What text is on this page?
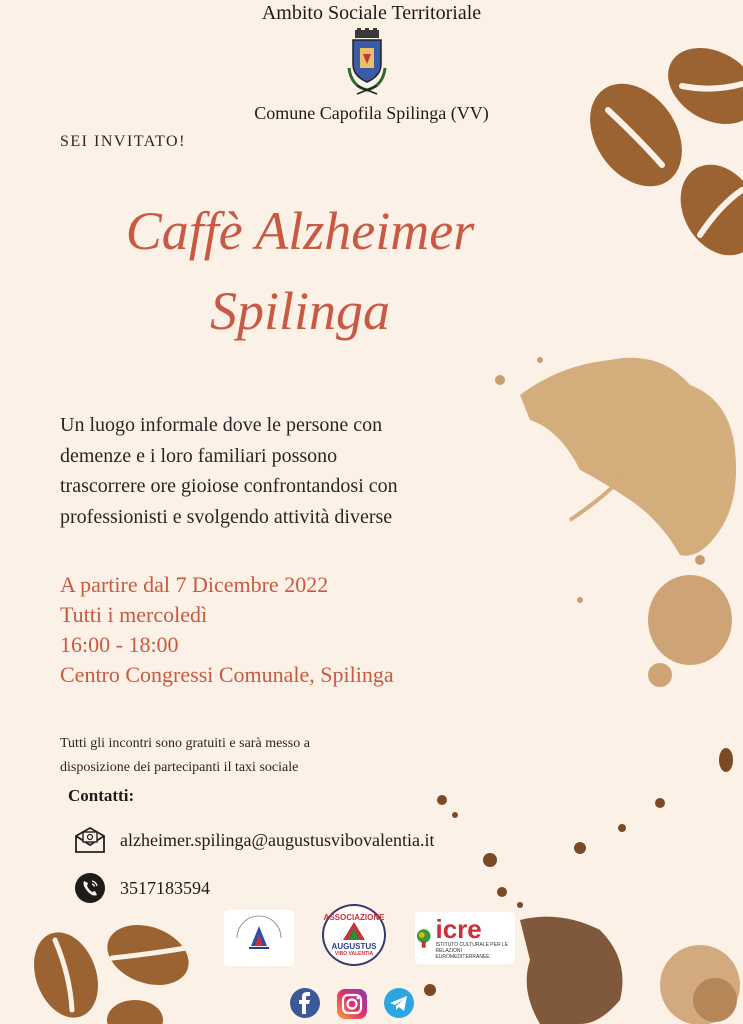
Ambito Sociale Territoriale
Comune Capofila Spilinga (VV)
SEI INVITATO!
Caffè Alzheimer
Spilinga
Un luogo informale dove le persone con
demenze e i loro familiari possono
trascorrere ore gioiose confrontandosi con
professionisti e svolgendo attività diverse
A partire dal 7 Dicembre 2022
Tutti i mercoledì
16:00 - 18:00
Centro Congressi Comunale, Spilinga
Tutti gli incontri sono gratuiti e sarà messo a
disposizione dei partecipanti il taxi sociale
Contatti:
alzheimer.spilinga@augustusvibovalentia.it
3517183594
ASSOCIAZIONE
AUGUSTUS
VIBO VALENTIA
icre
ISTITUTO CULTURALE PER LE
RELAZIONI EUROMEDITERRANEE
